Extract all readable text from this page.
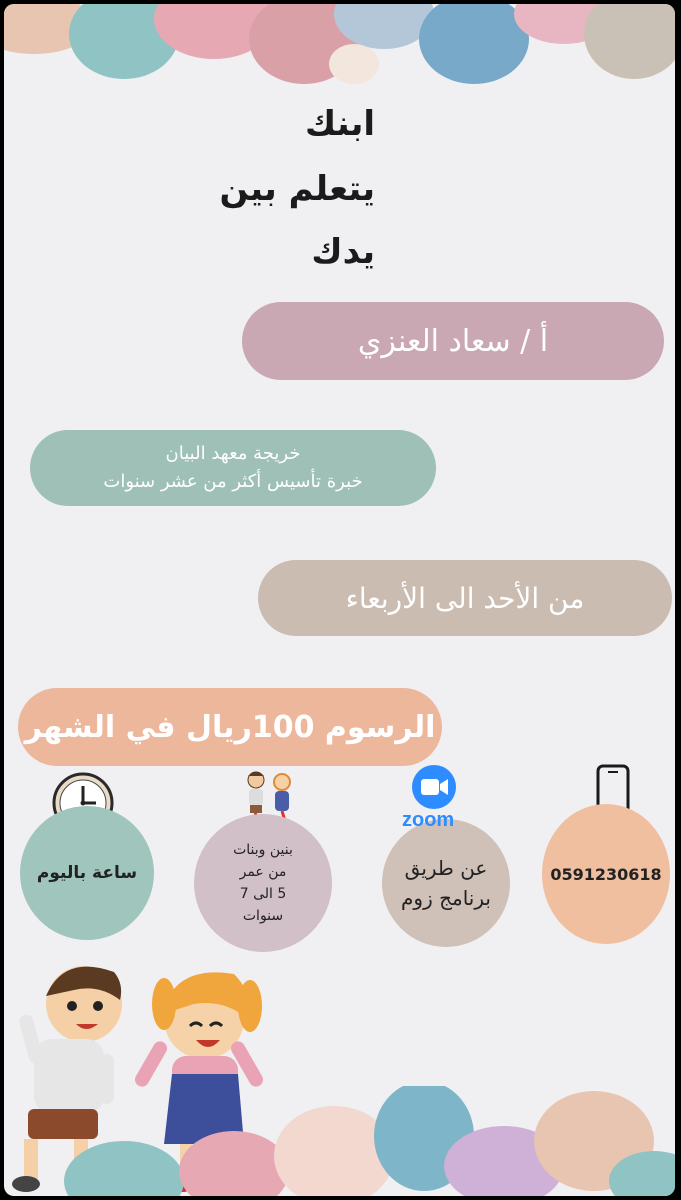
ابنك
يتعلم بين
يدك
أ / سعاد العنزي
خريجة معهد البيان
خبرة تأسيس أكثر من عشر سنوات
من الأحد الى الأربعاء
الرسوم 100ريال في الشهر
ساعة باليوم
بنين وبنات
من عمر
5 الى 7
سنوات
zoom
عن طريق
برنامج زوم
0591230618
